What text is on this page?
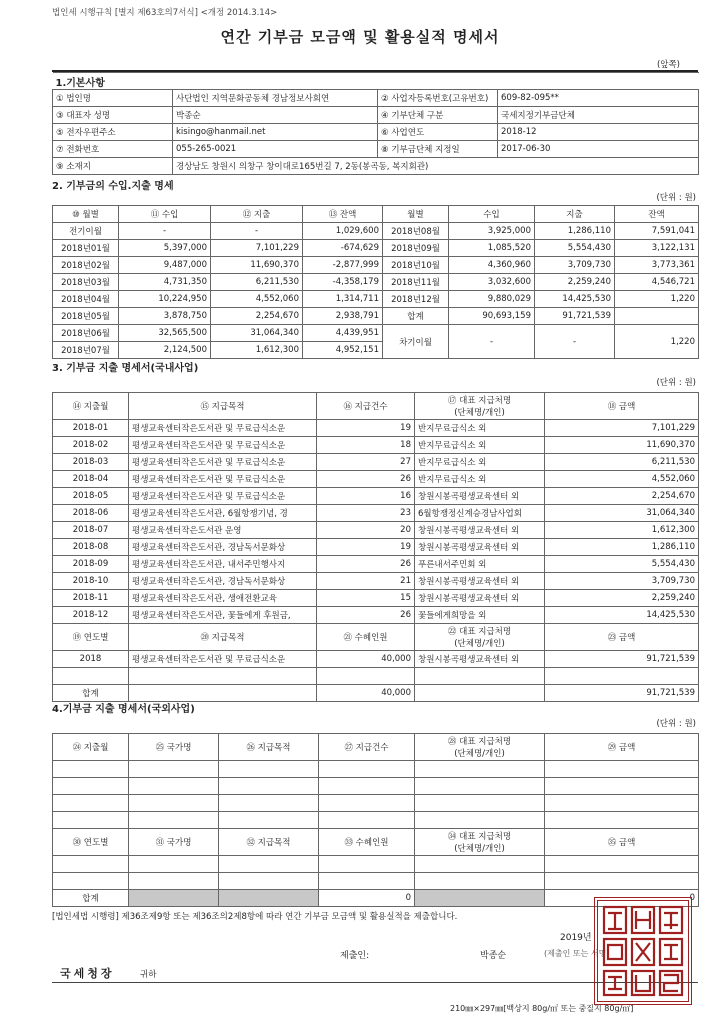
법인세 시행규칙 [별지 제63호의7서식] <개정 2014.3.14>
연간 기부금 모금액 및 활용실적 명세서
(앞쪽)
1.기본사항			
① 법인명	사단법인 지역문화공동체 경남정보사회연	② 사업자등록번호(고유번호)	609-82-095**
③ 대표자 성명	박종순	④ 기부단체 구분	국세지정기부금단체
⑤ 전자우편주소	kisingo@hanmail.net	⑥ 사업연도	2018-12
⑦ 전화번호	055-265-0021	⑧ 기부금단체 지정일	2017-06-30
⑨ 소재지	경상남도 창원시 의창구 창이대로165번길 7, 2동(봉곡동, 복지회관)		
2. 기부금의 수입.지출 명세
(단위 : 원)
⑩ 월별	⑪ 수입	⑫ 지출	⑬ 잔액	월별	수입	지출	잔액
전기이월	-	-	1,029,600	2018년08월	3,925,000	1,286,110	7,591,041
2018년01월	5,397,000	7,101,229	-674,629	2018년09월	1,085,520	5,554,430	3,122,131
2018년02월	9,487,000	11,690,370	-2,877,999	2018년10월	4,360,960	3,709,730	3,773,361
2018년03월	4,731,350	6,211,530	-4,358,179	2018년11월	3,032,600	2,259,240	4,546,721
2018년04월	10,224,950	4,552,060	1,314,711	2018년12월	9,880,029	14,425,530	1,220
2018년05월	3,878,750	2,254,670	2,938,791	합계	90,693,159	91,721,539	
2018년06월	32,565,500	31,064,340	4,439,951	차기이월	-	-	1,220
2018년07월	2,124,500	1,612,300	4,952,151				
3. 기부금 지출 명세서(국내사업)
(단위 : 원)
⑭ 지출월	⑮ 지급목적	⑯ 지급건수	⑰ 대표 지급처명
(단체명/개인)	⑱ 금액
2018-01	평생교육센터작은도서관 및 무료급식소운	19	반지무료급식소 외	7,101,229
2018-02	평생교육센터작은도서관 및 무료급식소운	18	반지무료급식소 외	11,690,370
2018-03	평생교육센터작은도서관 및 무료급식소운	27	반지무료급식소 외	6,211,530
2018-04	평생교육센터작은도서관 및 무료급식소운	26	반지무료급식소 외	4,552,060
2018-05	평생교육센터작은도서관 및 무료급식소운	16	창원시봉곡평생교육센터 외	2,254,670
2018-06	평생교육센터작은도서관, 6월항쟁기념, 경	23	6월항쟁정신계승경남사업회	31,064,340
2018-07	평생교육센터작은도서관 운영	20	창원시봉곡평생교육센터 외	1,612,300
2018-08	평생교육센터작은도서관, 경남독서문화상	19	창원시봉곡평생교육센터 외	1,286,110
2018-09	평생교육센터작은도서관, 내서주민행사지	26	푸른내서주민회 외	5,554,430
2018-10	평생교육센터작은도서관, 경남독서문화상	21	창원시봉곡평생교육센터 외	3,709,730
2018-11	평생교육센터작은도서관, 생애전환교육	15	창원시봉곡평생교육센터 외	2,259,240
2018-12	평생교육센터작은도서관, 꽃들에게 후원금,	26	꽃들에게희망을 외	14,425,530
⑲ 연도별	⑳ 지급목적	㉑ 수혜인원	㉒ 대표 지급처명
(단체명/개인)	㉓ 금액
2018	평생교육센터작은도서관 및 무료급식소운	40,000	창원시봉곡평생교육센터 외	91,721,539

합계		40,000		91,721,539
4.기부금 지출 명세서(국외사업)
(단위 : 원)
㉔ 지출월	㉕ 국가명	㉖ 지급목적	㉗ 지급건수	㉘ 대표 지급처명
(단체명/개인)	㉙ 금액

㉚ 연도별	㉛ 국가명	㉜ 지급목적	㉝ 수혜인원	㉞ 대표 지급처명
(단체명/개인)	㉟ 금액

합계			0		0
[법인세법 시행령] 제36조제9항 또는 제36조의2제8항에 따라 연간 기부금 모금액 및 활용실적을 제출합니다.
2019년
제출인:	박종순	(제출인 또는 서명)
국세청장	귀하
210㎜×297㎜[백상지 80g/㎡ 또는 중질지 80g/㎡]
